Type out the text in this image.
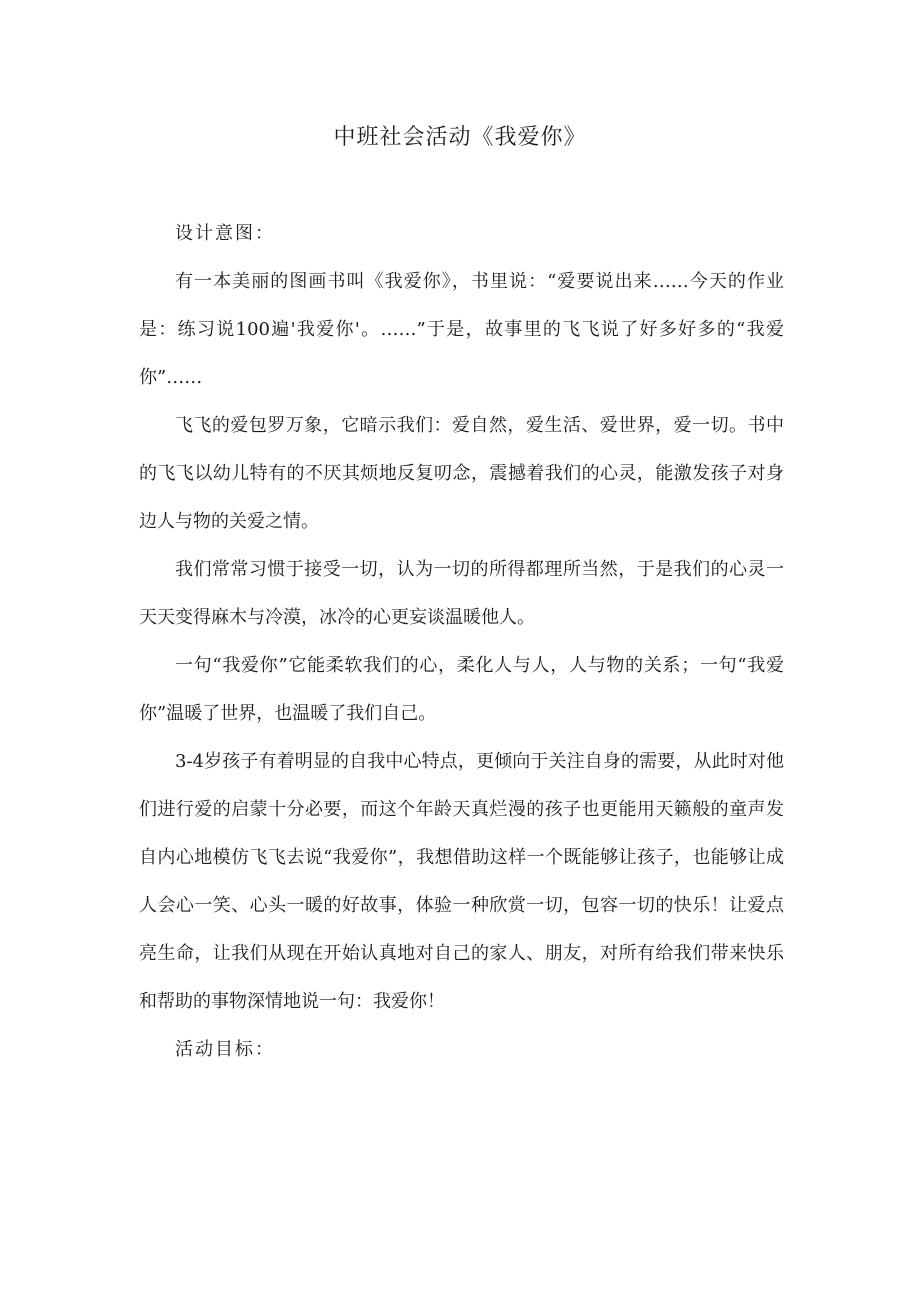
中班社会活动《我爱你》

设计意图：

有一本美丽的图画书叫《我爱你》，书里说：“爱要说出来……今天的作业是：练习说100遍'我爱你'。……”于是，故事里的飞飞说了好多好多的“我爱你”……

飞飞的爱包罗万象，它暗示我们：爱自然，爱生活、爱世界，爱一切。书中的飞飞以幼儿特有的不厌其烦地反复叨念，震撼着我们的心灵，能激发孩子对身边人与物的关爱之情。

我们常常习惯于接受一切，认为一切的所得都理所当然，于是我们的心灵一天天变得麻木与冷漠，冰冷的心更妄谈温暖他人。

一句“我爱你”它能柔软我们的心，柔化人与人，人与物的关系；一句“我爱你”温暖了世界，也温暖了我们自己。

3-4岁孩子有着明显的自我中心特点，更倾向于关注自身的需要，从此时对他们进行爱的启蒙十分必要，而这个年龄天真烂漫的孩子也更能用天籁般的童声发自内心地模仿飞飞去说“我爱你”，我想借助这样一个既能够让孩子，也能够让成人会心一笑、心头一暖的好故事，体验一种欣赏一切，包容一切的快乐！让爱点亮生命，让我们从现在开始认真地对自己的家人、朋友，对所有给我们带来快乐和帮助的事物深情地说一句：我爱你！

活动目标：
